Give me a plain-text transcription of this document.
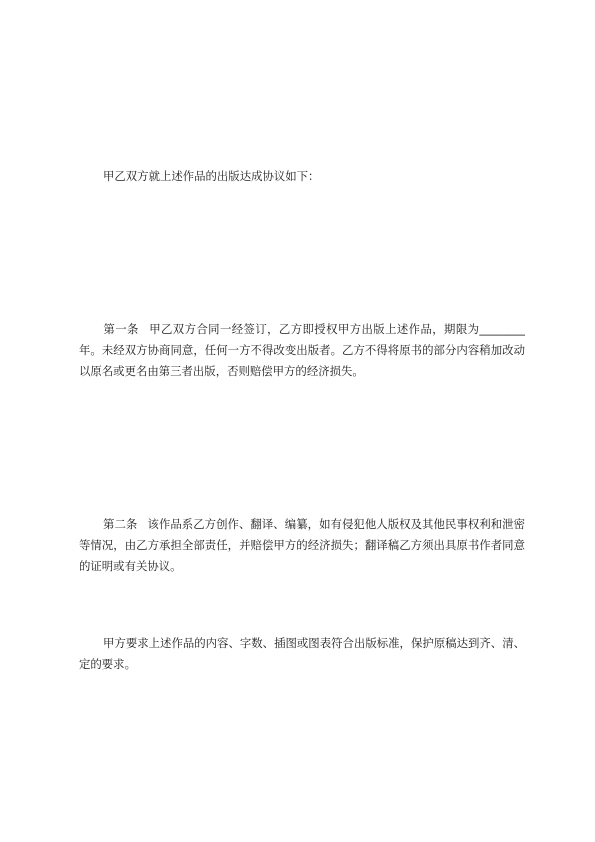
甲乙双方就上述作品的出版达成协议如下：

第一条 甲乙双方合同一经签订，乙方即授权甲方出版上述作品，期限为________年。未经双方协商同意，任何一方不得改变出版者。乙方不得将原书的部分内容稍加改动以原名或更名由第三者出版，否则赔偿甲方的经济损失。

第二条 该作品系乙方创作、翻译、编纂，如有侵犯他人版权及其他民事权利和泄密等情况，由乙方承担全部责任，并赔偿甲方的经济损失；翻译稿乙方须出具原书作者同意的证明或有关协议。

甲方要求上述作品的内容、字数、插图或图表符合出版标准，保护原稿达到齐、清、定的要求。
